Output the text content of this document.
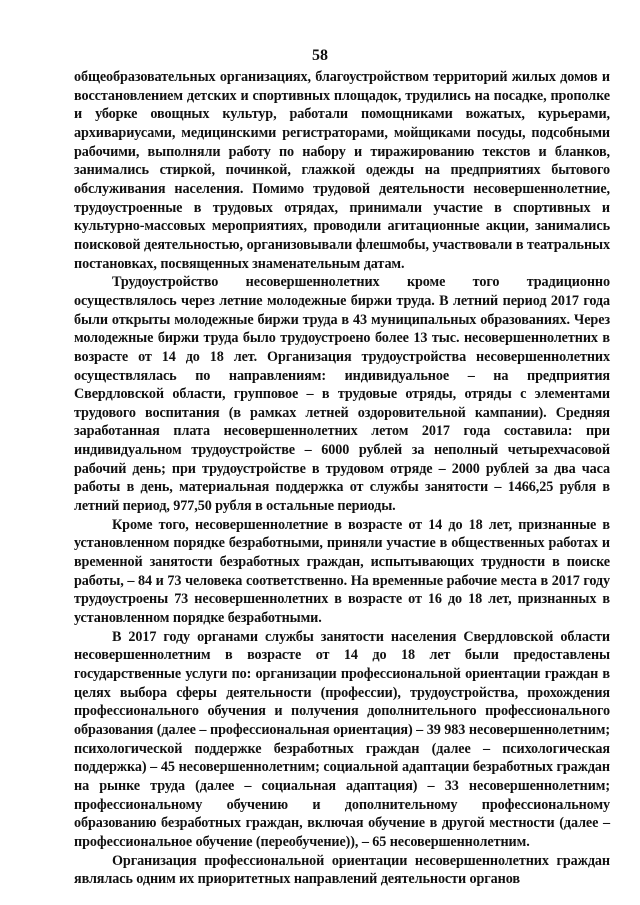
58

общеобразовательных организациях, благоустройством территорий жилых домов и восстановлением детских и спортивных площадок, трудились на посадке, прополке и уборке овощных культур, работали помощниками вожатых, курьерами, архивариусами, медицинскими регистраторами, мойщиками посуды, подсобными рабочими, выполняли работу по набору и тиражированию текстов и бланков, занимались стиркой, починкой, глажкой одежды на предприятиях бытового обслуживания населения. Помимо трудовой деятельности несовершеннолетние, трудоустроенные в трудовых отрядах, принимали участие в спортивных и культурно-массовых мероприятиях, проводили агитационные акции, занимались поисковой деятельностью, организовывали флешмобы, участвовали в театральных постановках, посвященных знаменательным датам.

Трудоустройство несовершеннолетних кроме того традиционно осуществлялось через летние молодежные биржи труда. В летний период 2017 года были открыты молодежные биржи труда в 43 муниципальных образованиях. Через молодежные биржи труда было трудоустроено более 13 тыс. несовершеннолетних в возрасте от 14 до 18 лет. Организация трудоустройства несовершеннолетних осуществлялась по направлениям: индивидуальное – на предприятия Свердловской области, групповое – в трудовые отряды, отряды с элементами трудового воспитания (в рамках летней оздоровительной кампании). Средняя заработанная плата несовершеннолетних летом 2017 года составила: при индивидуальном трудоустройстве – 6000 рублей за неполный четырехчасовой рабочий день; при трудоустройстве в трудовом отряде – 2000 рублей за два часа работы в день, материальная поддержка от службы занятости – 1466,25 рубля в летний период, 977,50 рубля в остальные периоды.

Кроме того, несовершеннолетние в возрасте от 14 до 18 лет, признанные в установленном порядке безработными, приняли участие в общественных работах и временной занятости безработных граждан, испытывающих трудности в поиске работы, – 84 и 73 человека соответственно. На временные рабочие места в 2017 году трудоустроены 73 несовершеннолетних в возрасте от 16 до 18 лет, признанных в установленном порядке безработными.

В 2017 году органами службы занятости населения Свердловской области несовершеннолетним в возрасте от 14 до 18 лет были предоставлены государственные услуги по: организации профессиональной ориентации граждан в целях выбора сферы деятельности (профессии), трудоустройства, прохождения профессионального обучения и получения дополнительного профессионального образования (далее – профессиональная ориентация) – 39 983 несовершеннолетним; психологической поддержке безработных граждан (далее – психологическая поддержка) – 45 несовершеннолетним; социальной адаптации безработных граждан на рынке труда (далее – социальная адаптация) – 33 несовершеннолетним; профессиональному обучению и дополнительному профессиональному образованию безработных граждан, включая обучение в другой местности (далее – профессиональное обучение (переобучение)), – 65 несовершеннолетним.

Организация профессиональной ориентации несовершеннолетних граждан являлась одним их приоритетных направлений деятельности органов
